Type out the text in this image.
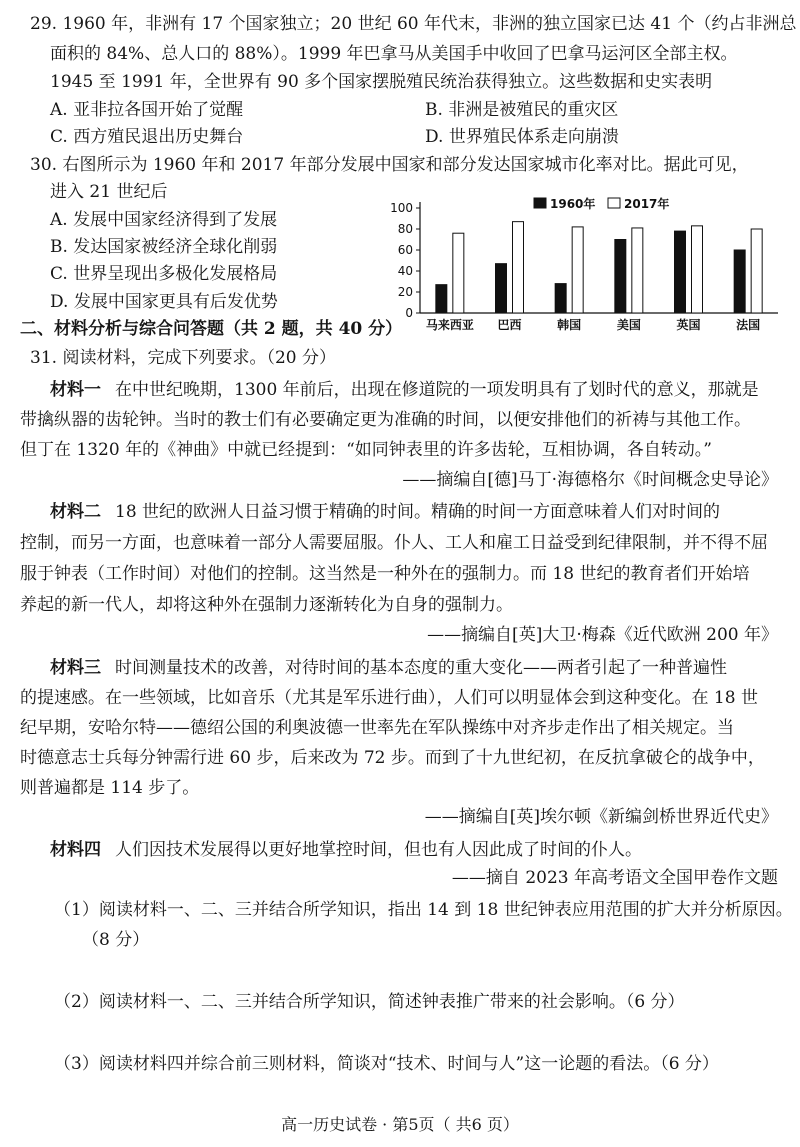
29. 1960 年，非洲有 17 个国家独立；20 世纪 60 年代末，非洲的独立国家已达 41 个（约占非洲总
面积的 84%、总人口的 88%）。1999 年巴拿马从美国手中收回了巴拿马运河区全部主权。
1945 至 1991 年，全世界有 90 多个国家摆脱殖民统治获得独立。这些数据和史实表明
A. 亚非拉各国开始了觉醒	B. 非洲是被殖民的重灾区
C. 西方殖民退出历史舞台	D. 世界殖民体系走向崩溃
30. 右图所示为 1960 年和 2017 年部分发展中国家和部分发达国家城市化率对比。据此可见，
进入 21 世纪后
A. 发展中国家经济得到了发展
B. 发达国家被经济全球化削弱
C. 世界呈现出多极化发展格局
D. 发展中国家更具有后发优势
0
20
40
60
80
100
马来西亚 巴西	韩国	美国	英国	法国
1960年 2017年
二、材料分析与综合问答题（共 2 题，共 40 分）
31. 阅读材料，完成下列要求。（20 分）
材料一 在中世纪晚期，1300 年前后，出现在修道院的一项发明具有了划时代的意义，那就是
带擒纵器的齿轮钟。当时的教士们有必要确定更为准确的时间，以便安排他们的祈祷与其他工作。
但丁在 1320 年的《神曲》中就已经提到：“如同钟表里的许多齿轮，互相协调，各自转动。”
——摘编自[德]马丁·海德格尔《时间概念史导论》
材料二 18 世纪的欧洲人日益习惯于精确的时间。精确的时间一方面意味着人们对时间的
控制，而另一方面，也意味着一部分人需要屈服。仆人、工人和雇工日益受到纪律限制，并不得不屈
服于钟表（工作时间）对他们的控制。这当然是一种外在的强制力。而 18 世纪的教育者们开始培
养起的新一代人，却将这种外在强制力逐渐转化为自身的强制力。
——摘编自[英]大卫·梅森《近代欧洲 200 年》
材料三 时间测量技术的改善，对待时间的基本态度的重大变化——两者引起了一种普遍性
的提速感。在一些领域，比如音乐（尤其是军乐进行曲），人们可以明显体会到这种变化。在 18 世
纪早期，安哈尔特——德绍公国的利奥波德一世率先在军队操练中对齐步走作出了相关规定。当
时德意志士兵每分钟需行进 60 步，后来改为 72 步。而到了十九世纪初，在反抗拿破仑的战争中，
则普遍都是 114 步了。
——摘编自[英]埃尔顿《新编剑桥世界近代史》
材料四 人们因技术发展得以更好地掌控时间，但也有人因此成了时间的仆人。
——摘自 2023 年高考语文全国甲卷作文题
（1）阅读材料一、二、三并结合所学知识，指出 14 到 18 世纪钟表应用范围的扩大并分析原因。
（8 分）
（2）阅读材料一、二、三并结合所学知识，简述钟表推广带来的社会影响。（6 分）
（3）阅读材料四并综合前三则材料，简谈对“技术、时间与人”这一论题的看法。（6 分）
高一历史试卷 · 第5页（ 共6 页）
